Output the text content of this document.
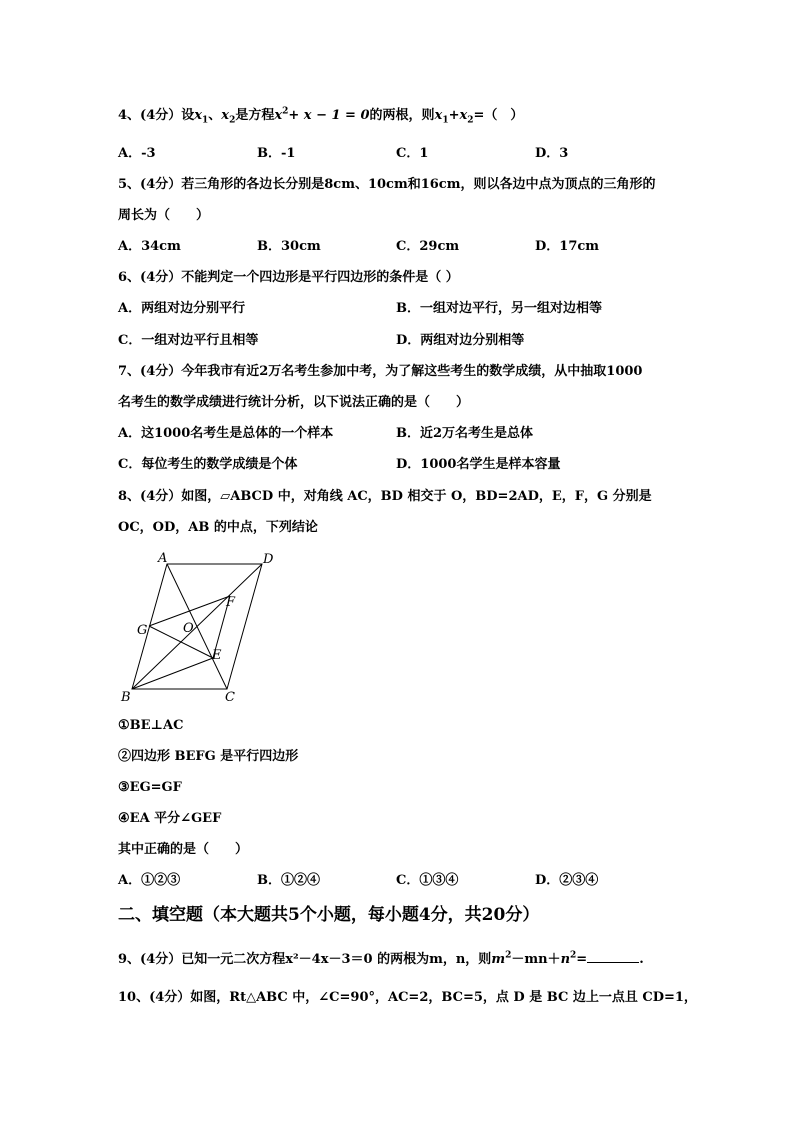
4、(4分）设$x_1$、$x_2$是方程$x^2+ x - 1 = 0$的两根，则$x_1+x_2=$（　）
A．-3	B．-1	C．1	D．3
5、(4分）若三角形的各边长分别是8cm、10cm和16cm，则以各边中点为顶点的三角形的
周长为（　　）
A．34cm	B．30cm	C．29cm	D．17cm
6、(4分）不能判定一个四边形是平行四边形的条件是（ ）
A．两组对边分别平行	B．一组对边平行，另一组对边相等
C．一组对边平行且相等	D．两组对边分别相等
7、(4分）今年我市有近2万名考生参加中考，为了解这些考生的数学成绩，从中抽取1000
名考生的数学成绩进行统计分析，以下说法正确的是（　　）
A．这1000名考生是总体的一个样本	B．近2万名考生是总体
C．每位考生的数学成绩是个体	D．1000名学生是样本容量
8、(4分）如图，▱ABCD 中，对角线 AC，BD 相交于 O，BD=2AD，E，F，G 分别是
OC，OD，AB 的中点，下列结论
A	D
F
G	O
E
B	C
①BE⊥AC
②四边形 BEFG 是平行四边形
③EG=GF
④EA 平分∠GEF
其中正确的是（　　）
A．①②③	B．①②④	C．①③④	D．②③④
二、填空题（本大题共5个小题，每小题4分，共20分）
9、(4分）已知一元二次方程x²－4x－3＝0 的两根为m，n，则$m^2-mn+n^2=$	.
10、(4分）如图，Rt△ABC 中，∠C=90°，AC=2，BC=5，点 D 是 BC 边上一点且 CD=1，
